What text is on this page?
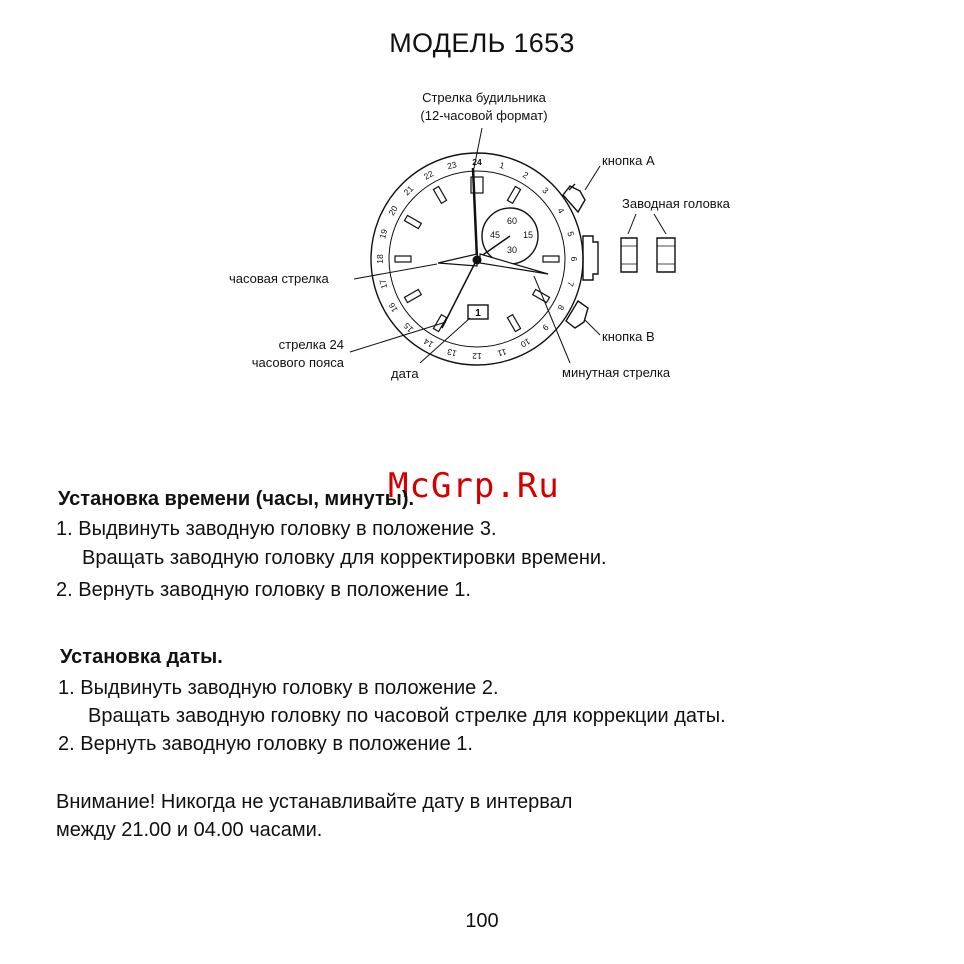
МОДЕЛЬ 1653
24 1
2
3
4
5
6
7
8
9
10
11
12
13
14
15
16
17
18
19
20
21
22
23
60
15
30
45
1
Стрелка будильника
(12-часовой формат)
кнопка А
Заводная головка
часовая стрелка
стрелка 24
часового пояса
дата	минутная стрелка
кнопка В
McGrp.Ru
Установка времени (часы, минуты).
1. Выдвинуть заводную головку в положение 3.
Вращать заводную головку для корректировки времени.
2. Вернуть заводную головку в положение 1.
Установка даты.
1. Выдвинуть заводную головку в положение 2.
Вращать заводную головку по часовой стрелке для коррекции даты.
2. Вернуть заводную головку в положение 1.
Внимание! Никогда не устанавливайте дату в интервал
между 21.00 и 04.00 часами.
100
